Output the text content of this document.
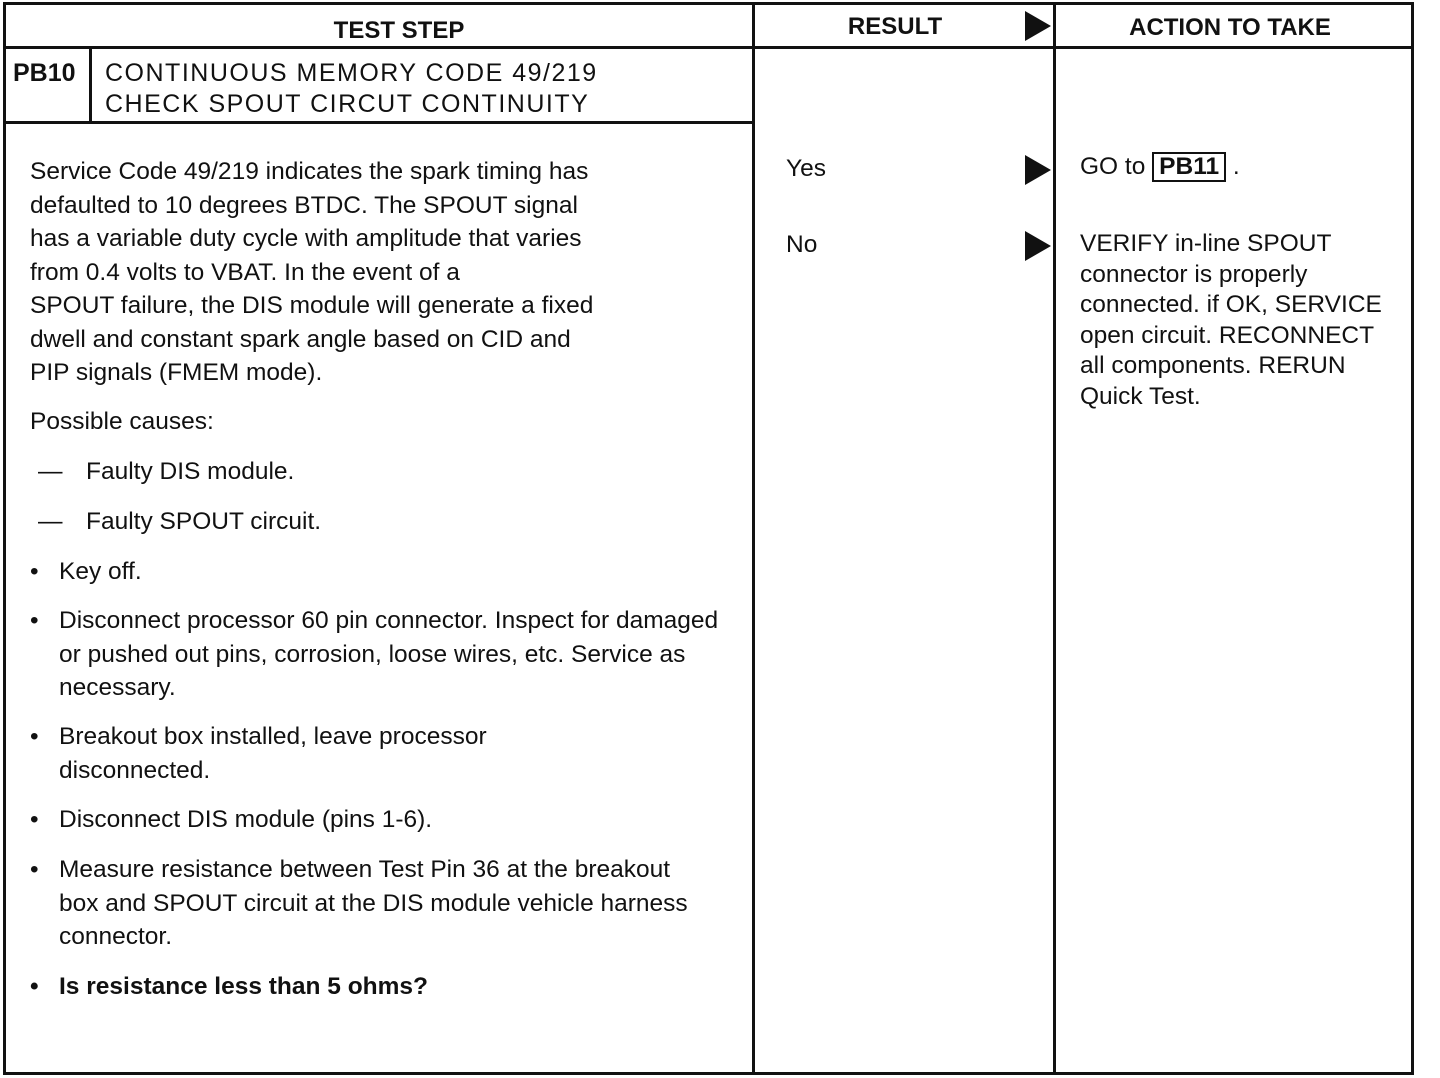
TEST STEP	RESULT	ACTION TO TAKE
PB10 CONTINUOUS MEMORY CODE 49/219
CHECK SPOUT CIRCUT CONTINUITY
Service Code 49/219 indicates the spark timing has
defaulted to 10 degrees BTDC. The SPOUT signal
has a variable duty cycle with amplitude that varies
from 0.4 volts to VBAT. In the event of a
SPOUT failure, the DIS module will generate a fixed
dwell and constant spark angle based on CID and
PIP signals (FMEM mode).
Possible causes:
— Faulty DIS module.
— Faulty SPOUT circuit.
• Key off.
• Disconnect processor 60 pin connector. Inspect for damaged or pushed out pins, corrosion, loose wires, etc. Service as necessary.
• Breakout box installed, leave processor disconnected.
• Disconnect DIS module (pins 1-6).
• Measure resistance between Test Pin 36 at the breakout box and SPOUT circuit at the DIS module vehicle harness connector.
• Is resistance less than 5 ohms?
Yes
No
GO to PB11 .
VERIFY in-line SPOUT connector is properly connected. if OK, SERVICE open circuit. RECONNECT all components. RERUN Quick Test.
